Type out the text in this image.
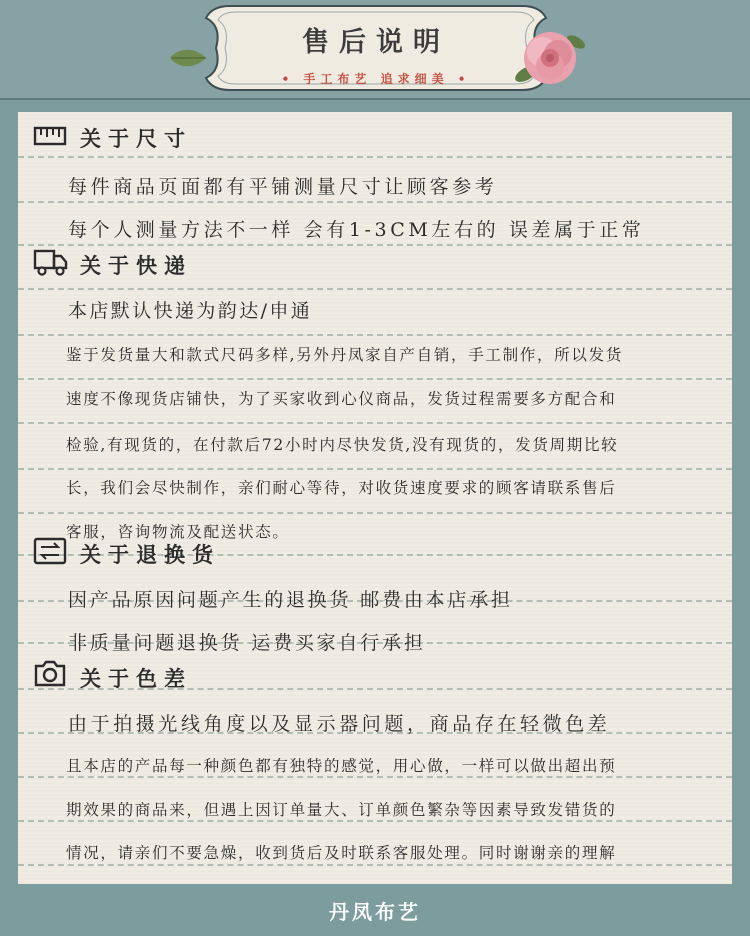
售后说明
• 手工布艺 追求细美 •
关于尺寸
每件商品页面都有平铺测量尺寸让顾客参考
每个人测量方法不一样 会有1-3CM左右的 误差属于正常
关于快递
本店默认快递为韵达/申通
鉴于发货量大和款式尺码多样,另外丹凤家自产自销，手工制作，所以发货
速度不像现货店铺快，为了买家收到心仪商品，发货过程需要多方配合和
检验,有现货的，在付款后72小时内尽快发货,没有现货的，发货周期比较
长，我们会尽快制作，亲们耐心等待，对收货速度要求的顾客请联系售后
客服，咨询物流及配送状态。
关于退换货
因产品原因问题产生的退换货 邮费由本店承担
非质量问题退换货 运费买家自行承担
关于色差
由于拍摄光线角度以及显示器问题，商品存在轻微色差
且本店的产品每一种颜色都有独特的感觉，用心做，一样可以做出超出预
期效果的商品来，但遇上因订单量大、订单颜色繁杂等因素导致发错货的
情况，请亲们不要急燥，收到货后及时联系客服处理。同时谢谢亲的理解
丹凤布艺
